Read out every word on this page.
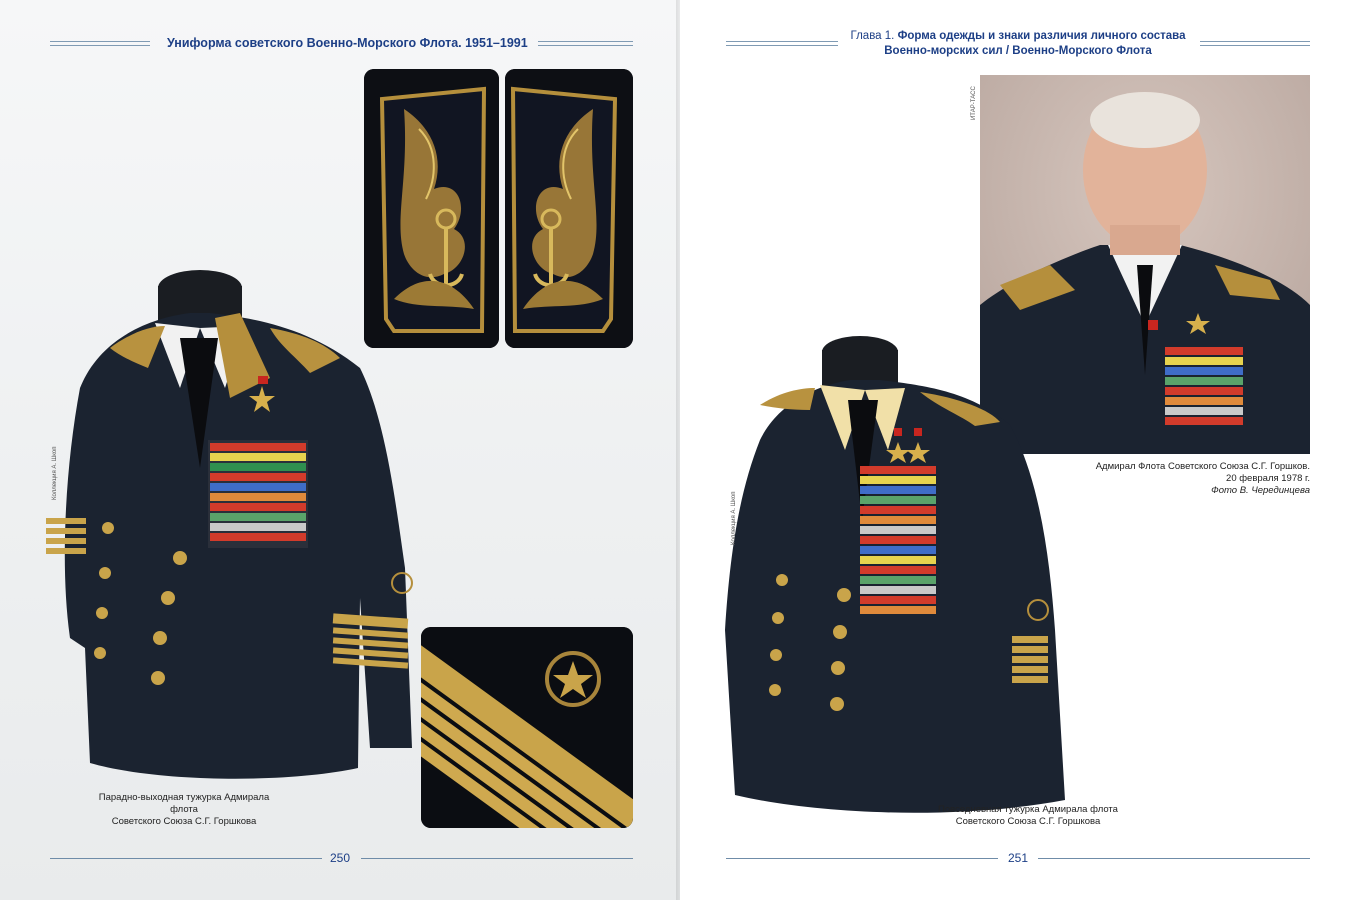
Униформа советского Военно-Морского Флота. 1951–1991
Коллекция А. Шкоп
Парадно-выходная тужурка Адмирала флота
Советского Союза С.Г. Горшкова
250
Глава 1. Форма одежды и знаки различия личного состава
Военно-морских сил / Военно-Морского Флота
ИТАР-ТАСС
Адмирал Флота Советского Союза С.Г. Горшков.
20 февраля 1978 г.
Фото В. Черединцева
Коллекция А. Шкоп
Повседневная тужурка Адмирала флота
Советского Союза С.Г. Горшкова
251
